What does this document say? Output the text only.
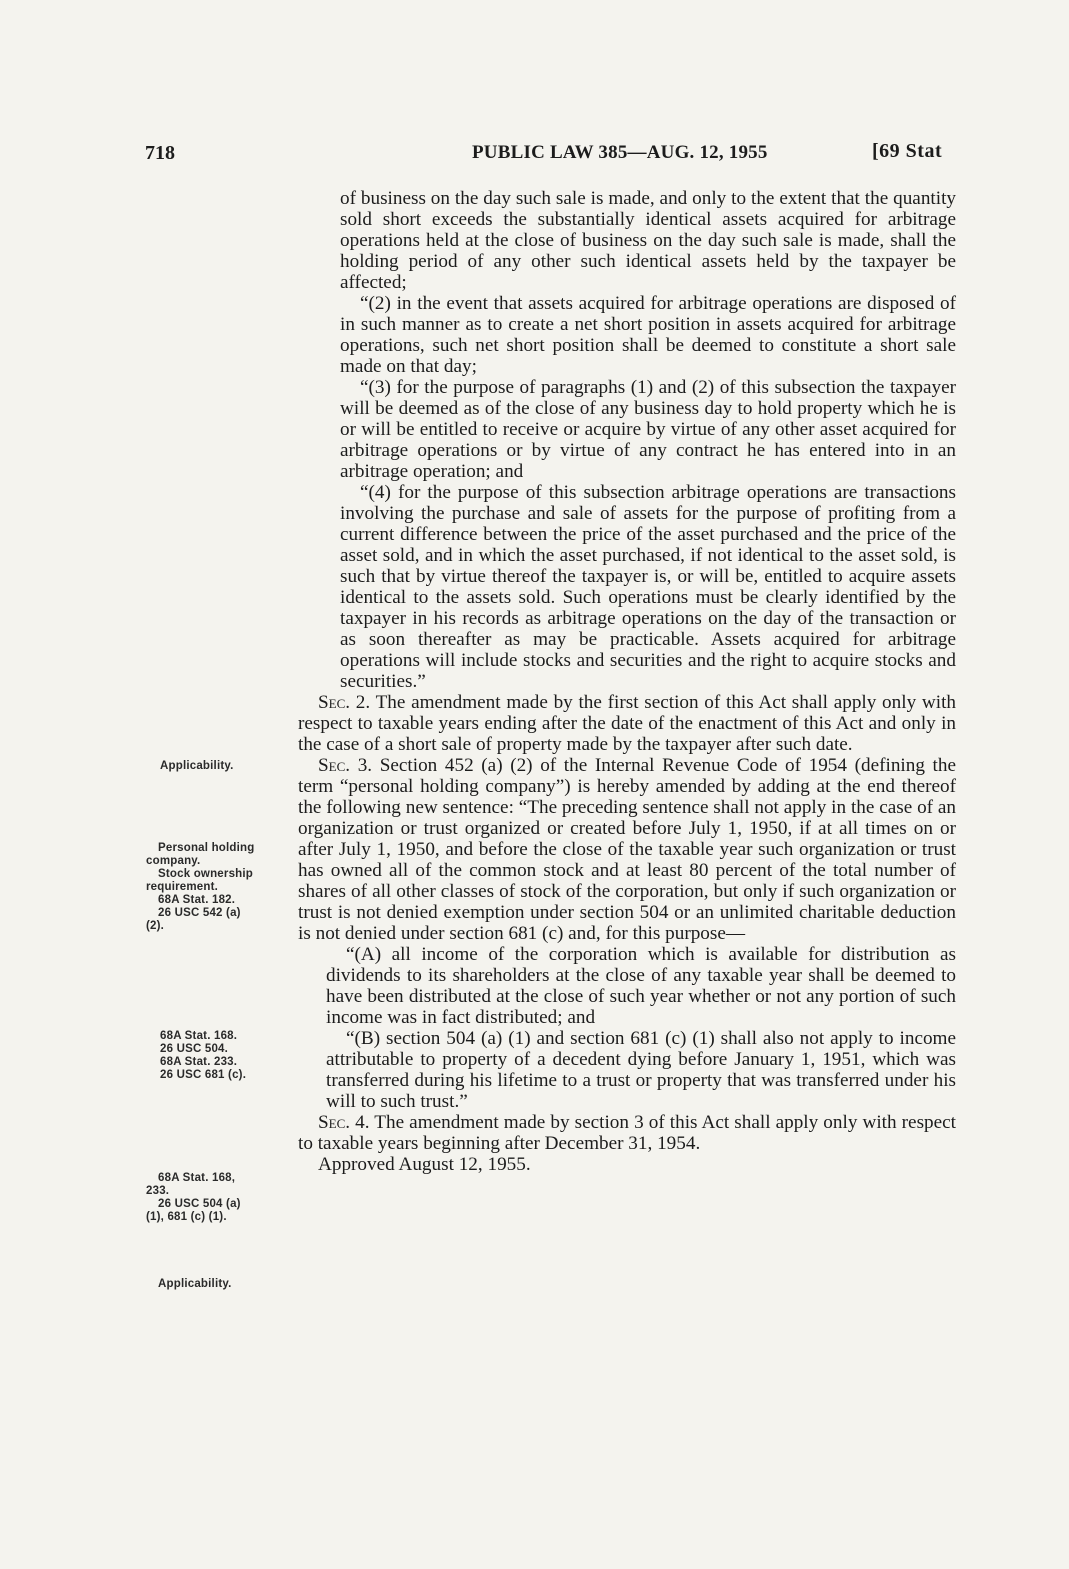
718	PUBLIC LAW 385—AUG. 12, 1955	[69 Stat

of business on the day such sale is made, and only to the extent that the quantity sold short exceeds the substantially identical assets acquired for arbitrage operations held at the close of business on the day such sale is made, shall the holding period of any other such identical assets held by the taxpayer be affected;

“(2) in the event that assets acquired for arbitrage operations are disposed of in such manner as to create a net short position in assets acquired for arbitrage operations, such net short position shall be deemed to constitute a short sale made on that day;

“(3) for the purpose of paragraphs (1) and (2) of this subsection the taxpayer will be deemed as of the close of any business day to hold property which he is or will be entitled to receive or acquire by virtue of any other asset acquired for arbitrage operations or by virtue of any contract he has entered into in an arbitrage operation; and

“(4) for the purpose of this subsection arbitrage operations are transactions involving the purchase and sale of assets for the purpose of profiting from a current difference between the price of the asset purchased and the price of the asset sold, and in which the asset purchased, if not identical to the asset sold, is such that by virtue thereof the taxpayer is, or will be, entitled to acquire assets identical to the assets sold. Such operations must be clearly identified by the taxpayer in his records as arbitrage operations on the day of the transaction or as soon thereafter as may be practicable. Assets acquired for arbitrage operations will include stocks and securities and the right to acquire stocks and securities.”

Sec. 2. The amendment made by the first section of this Act shall apply only with respect to taxable years ending after the date of the enactment of this Act and only in the case of a short sale of property made by the taxpayer after such date.

Sec. 3. Section 452 (a) (2) of the Internal Revenue Code of 1954 (defining the term “personal holding company”) is hereby amended by adding at the end thereof the following new sentence: “The preceding sentence shall not apply in the case of an organization or trust organized or created before July 1, 1950, if at all times on or after July 1, 1950, and before the close of the taxable year such organization or trust has owned all of the common stock and at least 80 percent of the total number of shares of all other classes of stock of the corporation, but only if such organization or trust is not denied exemption under section 504 or an unlimited charitable deduction is not denied under section 681 (c) and, for this purpose—

“(A) all income of the corporation which is available for distribution as dividends to its shareholders at the close of any taxable year shall be deemed to have been distributed at the close of such year whether or not any portion of such income was in fact distributed; and

“(B) section 504 (a) (1) and section 681 (c) (1) shall also not apply to income attributable to property of a decedent dying before January 1, 1951, which was transferred during his lifetime to a trust or property that was transferred under his will to such trust.”

Sec. 4. The amendment made by section 3 of this Act shall apply only with respect to taxable years beginning after December 31, 1954.

Approved August 12, 1955.

Applicability.
Personal holding
company.
Stock ownership
requirement.
68A Stat. 182.
26 USC 542 (a)
(2).
68A Stat. 168.
26 USC 504.
68A Stat. 233.
26 USC 681 (c).
68A Stat. 168,
233.
26 USC 504 (a)
(1), 681 (c) (1).
Applicability.
